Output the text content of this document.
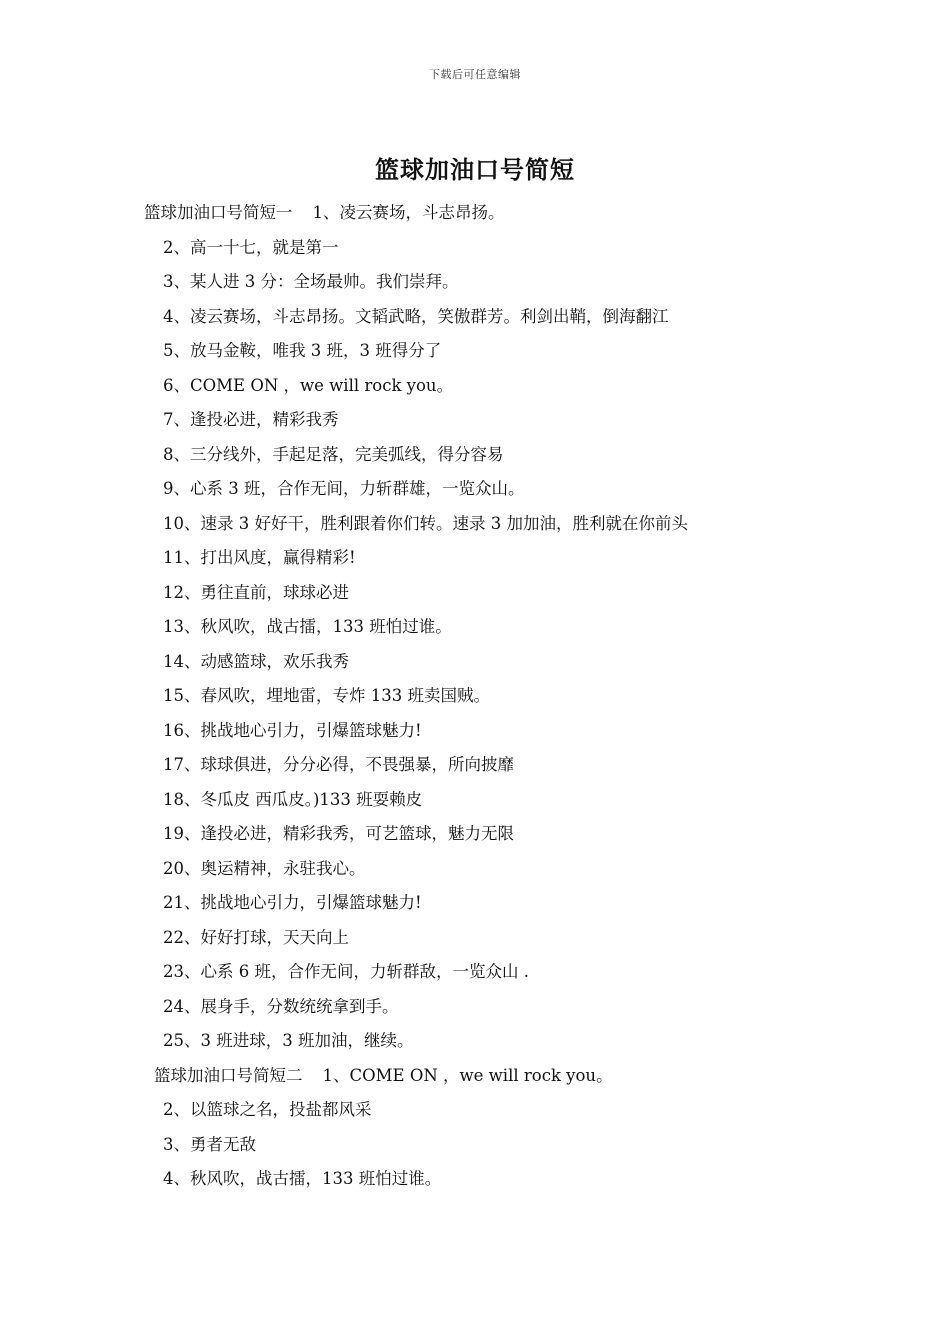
下载后可任意编辑
篮球加油口号简短
篮球加油口号简短一 1、凌云赛场，斗志昂扬。
2、高一十七，就是第一
3、某人进 3 分：全场最帅。我们崇拜。
4、凌云赛场，斗志昂扬。文韬武略，笑傲群芳。利剑出鞘，倒海翻江
5、放马金鞍，唯我 3 班，3 班得分了
6、COME ON ，we will rock you。
7、逢投必进，精彩我秀
8、三分线外，手起足落，完美弧线，得分容易
9、心系 3 班，合作无间，力斩群雄，一览众山。
10、速录 3 好好干，胜利跟着你们转。速录 3 加加油，胜利就在你前头
11、打出风度，赢得精彩!
12、勇往直前，球球必进
13、秋风吹，战古擂，133 班怕过谁。
14、动感篮球，欢乐我秀
15、春风吹，埋地雷，专炸 133 班卖国贼。
16、挑战地心引力，引爆篮球魅力!
17、球球俱进，分分必得，不畏强暴，所向披靡
18、冬瓜皮 西瓜皮。)133 班耍赖皮
19、逢投必进，精彩我秀，可艺篮球，魅力无限
20、奥运精神，永驻我心。
21、挑战地心引力，引爆篮球魅力!
22、好好打球，天天向上
23、心系 6 班，合作无间，力斩群敌，一览众山 .
24、展身手，分数统统拿到手。
25、3 班进球，3 班加油，继续。
篮球加油口号简短二 1、COME ON ，we will rock you。
2、以篮球之名，投盐都风采
3、勇者无敌
4、秋风吹，战古擂，133 班怕过谁。
